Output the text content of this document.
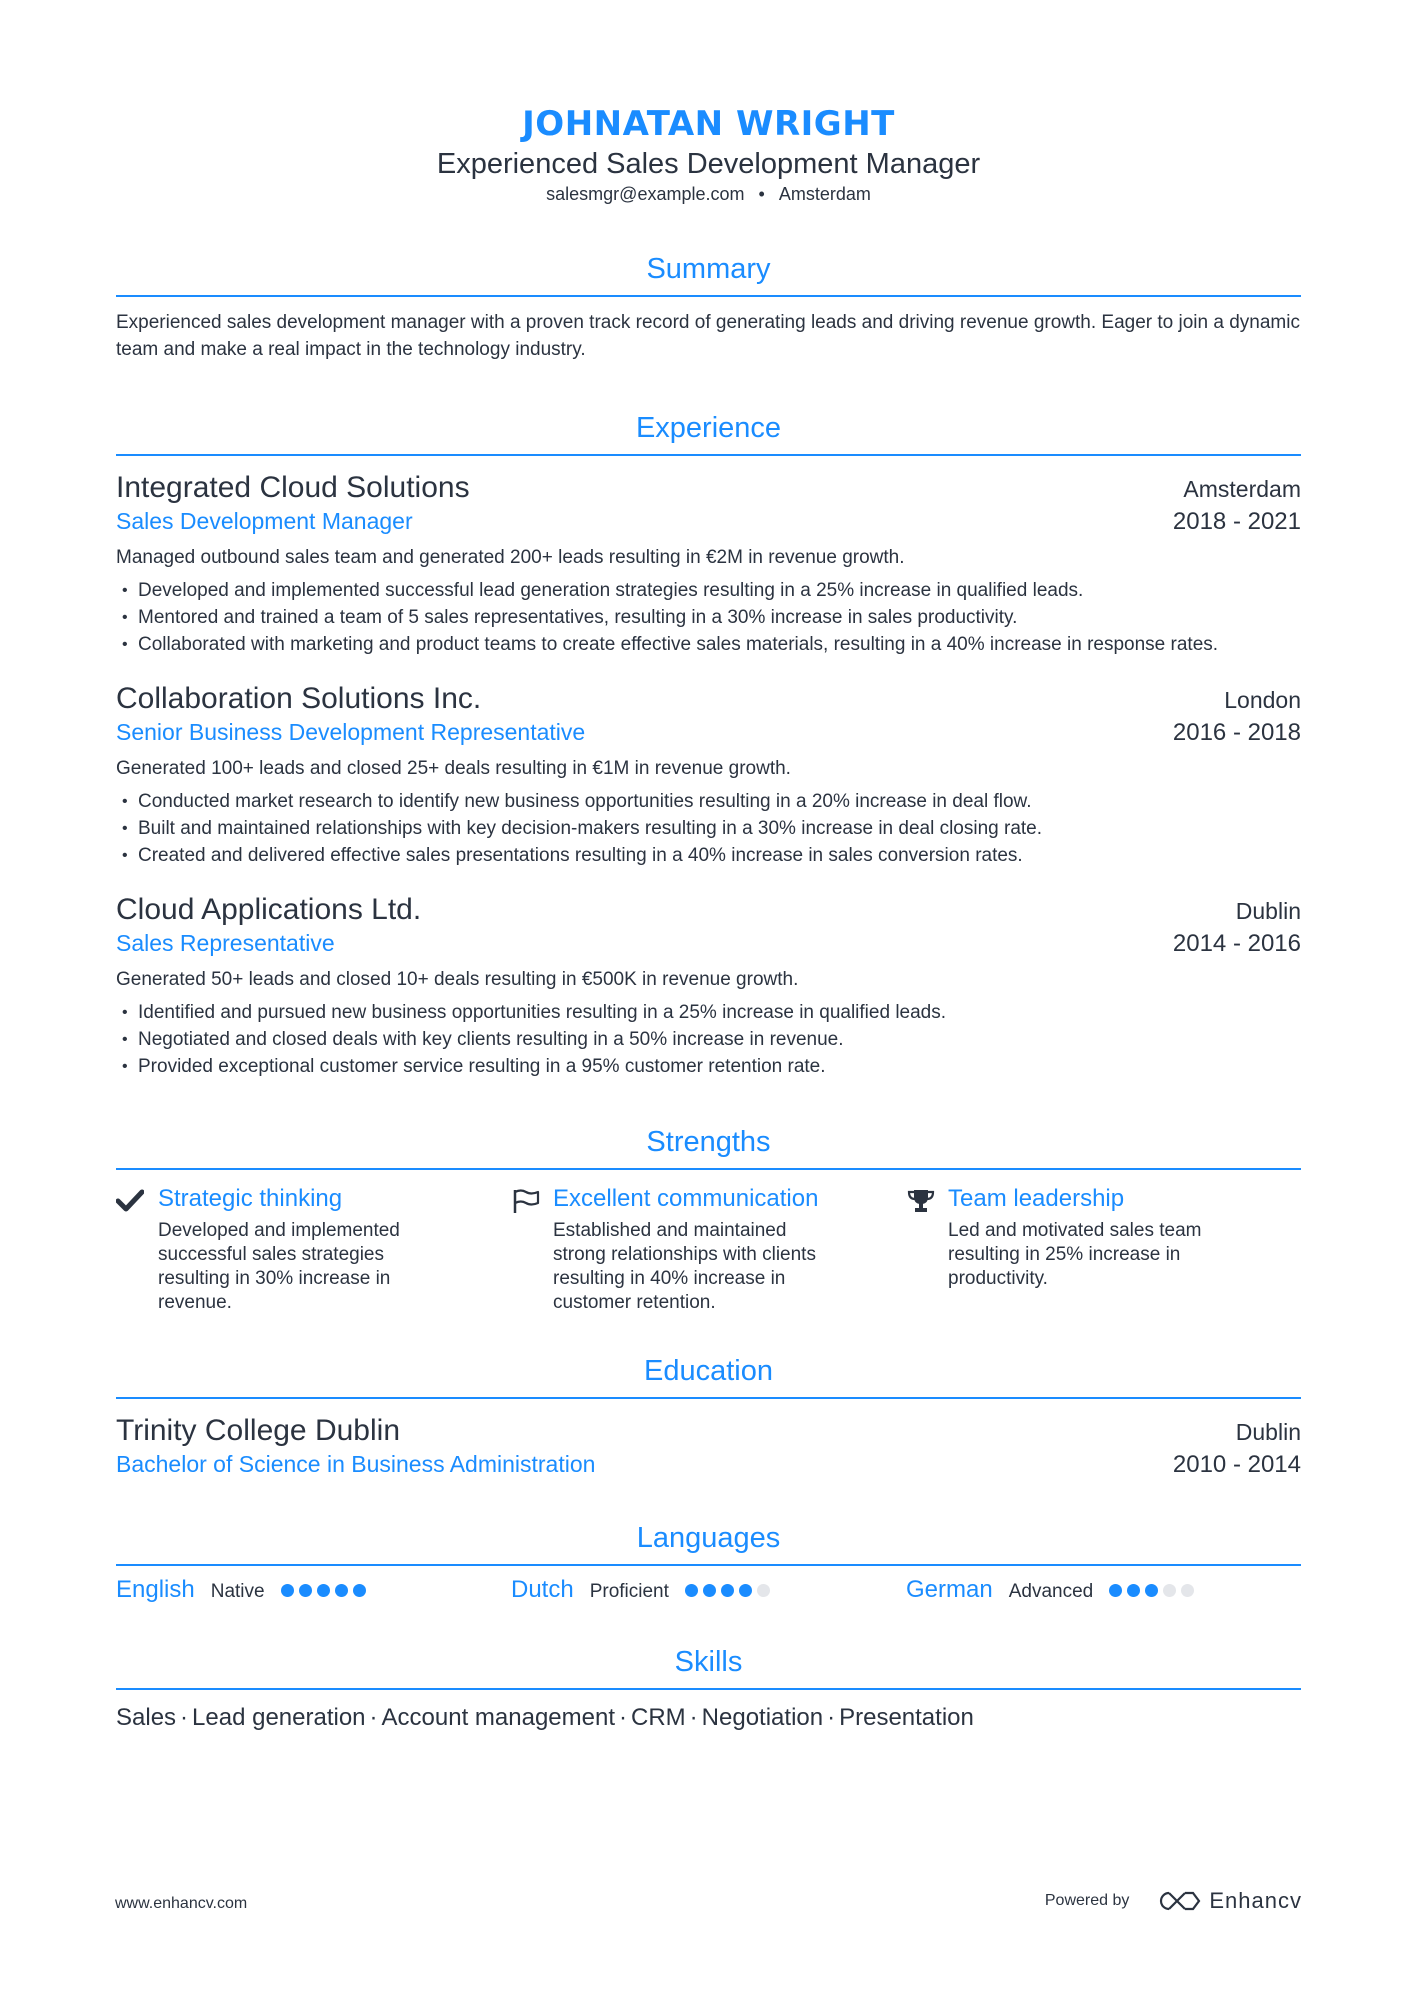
JOHNATAN WRIGHT
Experienced Sales Development Manager
salesmgr@example.com • Amsterdam
Summary
Experienced sales development manager with a proven track record of generating leads and driving revenue growth. Eager to join a dynamic team and make a real impact in the technology industry.
Experience
Integrated Cloud Solutions	Amsterdam
Sales Development Manager	2018 - 2021
Managed outbound sales team and generated 200+ leads resulting in €2M in revenue growth.
• Developed and implemented successful lead generation strategies resulting in a 25% increase in qualified leads.
• Mentored and trained a team of 5 sales representatives, resulting in a 30% increase in sales productivity.
• Collaborated with marketing and product teams to create effective sales materials, resulting in a 40% increase in response rates.
Collaboration Solutions Inc.	London
Senior Business Development Representative	2016 - 2018
Generated 100+ leads and closed 25+ deals resulting in €1M in revenue growth.
• Conducted market research to identify new business opportunities resulting in a 20% increase in deal flow.
• Built and maintained relationships with key decision-makers resulting in a 30% increase in deal closing rate.
• Created and delivered effective sales presentations resulting in a 40% increase in sales conversion rates.
Cloud Applications Ltd.	Dublin
Sales Representative	2014 - 2016
Generated 50+ leads and closed 10+ deals resulting in €500K in revenue growth.
• Identified and pursued new business opportunities resulting in a 25% increase in qualified leads.
• Negotiated and closed deals with key clients resulting in a 50% increase in revenue.
• Provided exceptional customer service resulting in a 95% customer retention rate.
Strengths
Strategic thinking
Developed and implemented successful sales strategies resulting in 30% increase in revenue.
Excellent communication
Established and maintained strong relationships with clients resulting in 40% increase in customer retention.
Team leadership
Led and motivated sales team resulting in 25% increase in productivity.
Education
Trinity College Dublin	Dublin
Bachelor of Science in Business Administration	2010 - 2014
Languages
English Native	Dutch Proficient	German Advanced
Skills
Sales · Lead generation · Account management · CRM · Negotiation · Presentation
www.enhancv.com	Powered by	Enhancv
